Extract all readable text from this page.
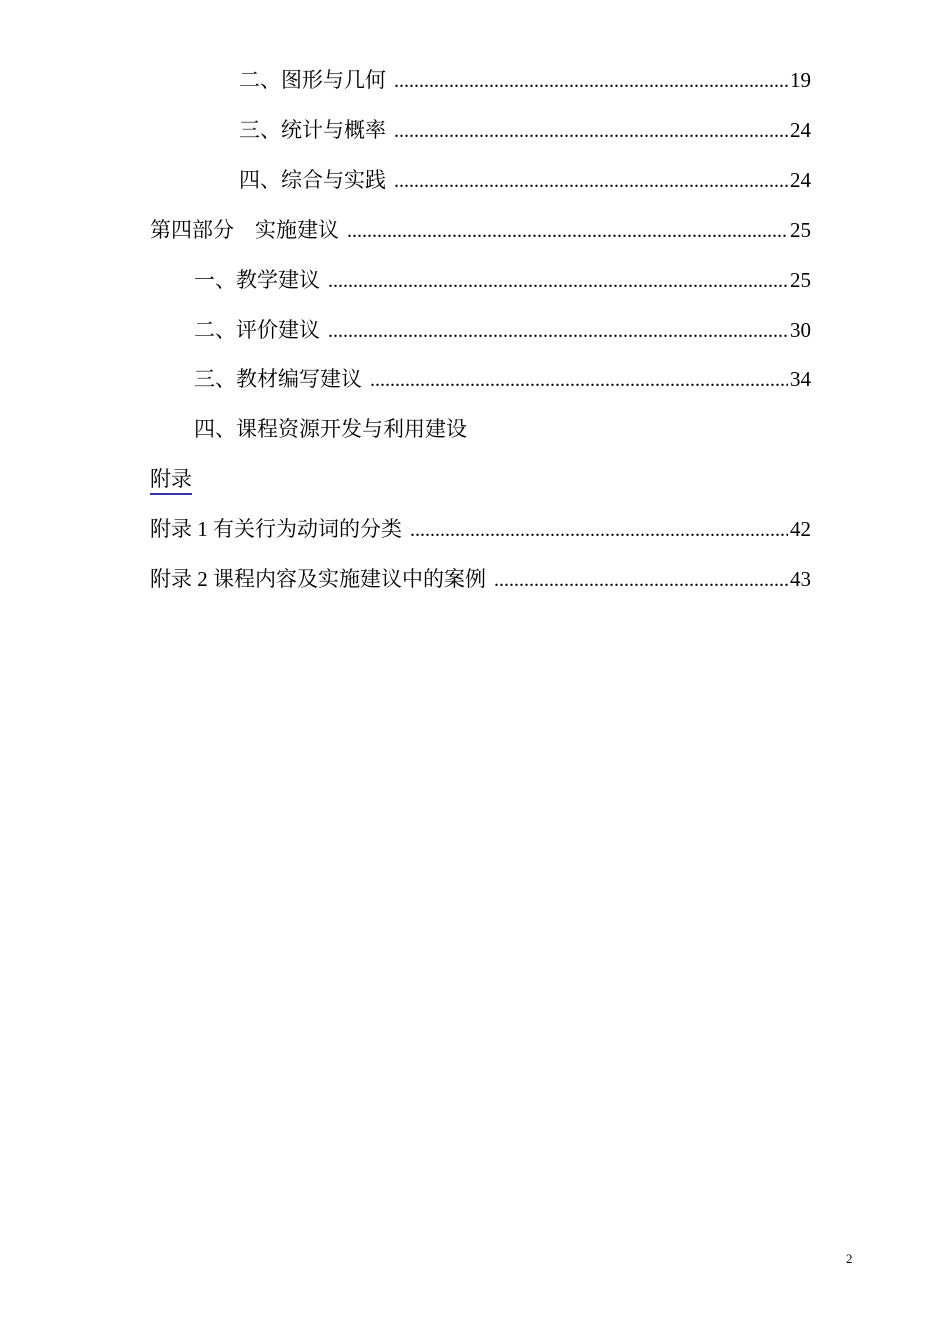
二、图形与几何 .....	19
三、统计与概率 .....	24
四、综合与实践 .....	24
第四部分　实施建议 .....	25
一、教学建议 .....	25
二、评价建议 .....	30
三、教材编写建议 .....	34
四、课程资源开发与利用建设
附录
附录 1 有关行为动词的分类 .....	42
附录 2 课程内容及实施建议中的案例 .....	43
2
